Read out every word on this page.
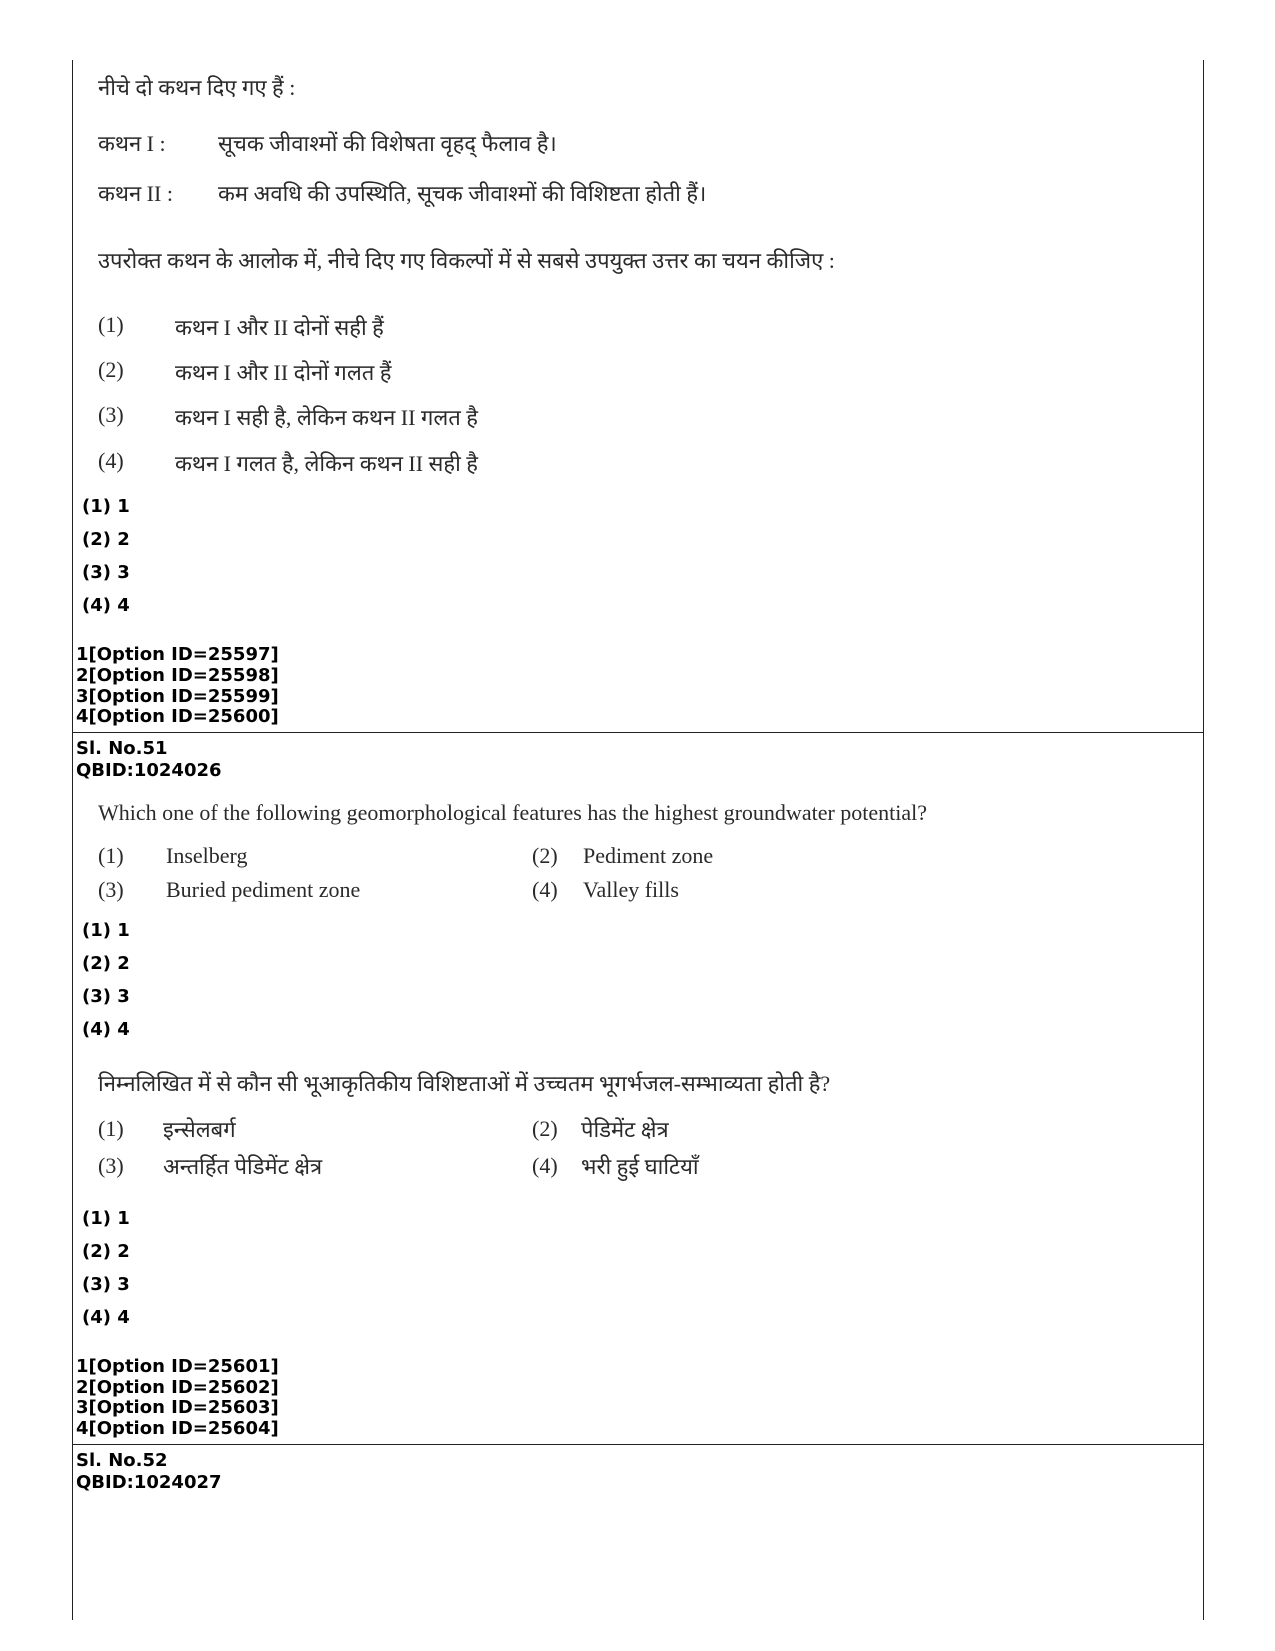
नीचे दो कथन दिए गए हैं :
कथन I : सूचक जीवाश्मों की विशेषता वृहद् फैलाव है।
कथन II : कम अवधि की उपस्थिति, सूचक जीवाश्मों की विशिष्टता होती हैं।
उपरोक्त कथन के आलोक में, नीचे दिए गए विकल्पों में से सबसे उपयुक्त उत्तर का चयन कीजिए :
(1) कथन I और II दोनों सही हैं
(2) कथन I और II दोनों गलत हैं
(3) कथन I सही है, लेकिन कथन II गलत है
(4) कथन I गलत है, लेकिन कथन II सही है
(1) 1
(2) 2
(3) 3
(4) 4
1[Option ID=25597]
2[Option ID=25598]
3[Option ID=25599]
4[Option ID=25600]
Sl. No.51
QBID:1024026
Which one of the following geomorphological features has the highest groundwater potential?
(1) Inselberg	(2) Pediment zone
(3) Buried pediment zone	(4) Valley fills
(1) 1
(2) 2
(3) 3
(4) 4
निम्नलिखित में से कौन सी भूआकृतिकीय विशिष्टताओं में उच्चतम भूगर्भजल-सम्भाव्यता होती है?
(1) इन्सेलबर्ग	(2) पेडिमेंट क्षेत्र
(3) अन्तर्हित पेडिमेंट क्षेत्र	(4) भरी हुई घाटियाँ
(1) 1
(2) 2
(3) 3
(4) 4
1[Option ID=25601]
2[Option ID=25602]
3[Option ID=25603]
4[Option ID=25604]
Sl. No.52
QBID:1024027
